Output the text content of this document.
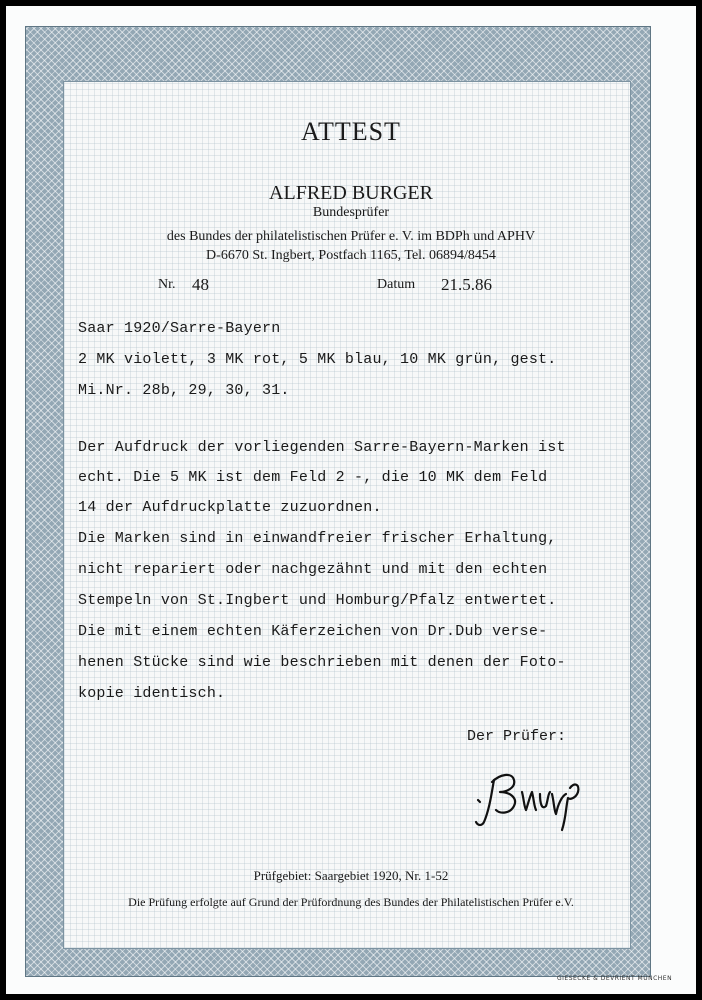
ATTEST
ALFRED BURGER
Bundesprüfer
des Bundes der philatelistischen Prüfer e. V. im BDPh und APHV
D-6670 St. Ingbert, Postfach 1165, Tel. 06894/8454
Nr. 48	Datum 21.5.86
Saar 1920/Sarre-Bayern
2 MK violett, 3 MK rot, 5 MK blau, 10 MK grün, gest.
Mi.Nr. 28b, 29, 30, 31.
Der Aufdruck der vorliegenden Sarre-Bayern-Marken ist
echt. Die 5 MK ist dem Feld 2 -, die 10 MK dem Feld
14 der Aufdruckplatte zuzuordnen.
Die Marken sind in einwandfreier frischer Erhaltung,
nicht repariert oder nachgezähnt und mit den echten
Stempeln von St.Ingbert und Homburg/Pfalz entwertet.
Die mit einem echten Käferzeichen von Dr.Dub verse-
henen Stücke sind wie beschrieben mit denen der Foto-
kopie identisch.
Der Prüfer:
Prüfgebiet: Saargebiet 1920, Nr. 1-52
Die Prüfung erfolgte auf Grund der Prüfordnung des Bundes der Philatelistischen Prüfer e.V.
GIESECKE & DEVRIENT MÜNCHEN
